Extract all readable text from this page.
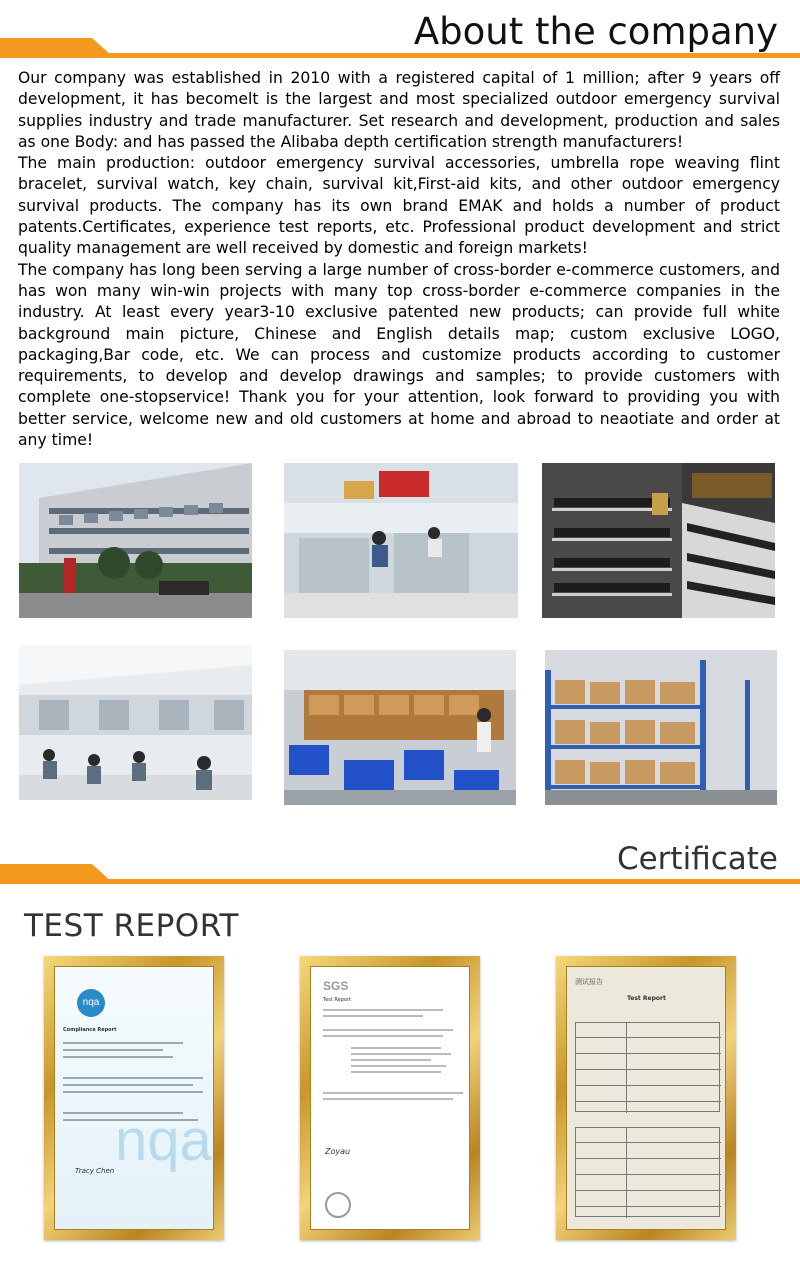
About the company

Our company was established in 2010 with a registered capital of 1 million; after 9 years off development, it has becomelt is the largest and most specialized outdoor emergency survival supplies industry and trade manufacturer. Set research and development, production and sales as one Body: and has passed the Alibaba depth certification strength manufacturers!

The main production: outdoor emergency survival accessories, umbrella rope weaving flint bracelet, survival watch, key chain, survival kit,First-aid kits, and other outdoor emergency survival products. The company has its own brand EMAK and holds a number of product patents.Certificates, experience test reports, etc. Professional product development and strict quality management are well received by domestic and foreign markets!

The company has long been serving a large number of cross-border e-commerce customers, and has won many win-win projects with many top cross-border e-commerce companies in the industry. At least every year3-10 exclusive patented new products; can provide full white background main picture, Chinese and English details map; custom exclusive LOGO, packaging,Bar code, etc. We can process and customize products according to customer requirements, to develop and develop drawings and samples; to provide customers with complete one-stopservice! Thank you for your attention, look forward to providing you with better service, welcome new and old customers at home and abroad to neaotiate and order at any time!

Certificate
TEST REPORT
nqa
Compliance Report
nqa
Tracy Chen
SGS
Test Report
Zoyau
测试报告
Test Report
